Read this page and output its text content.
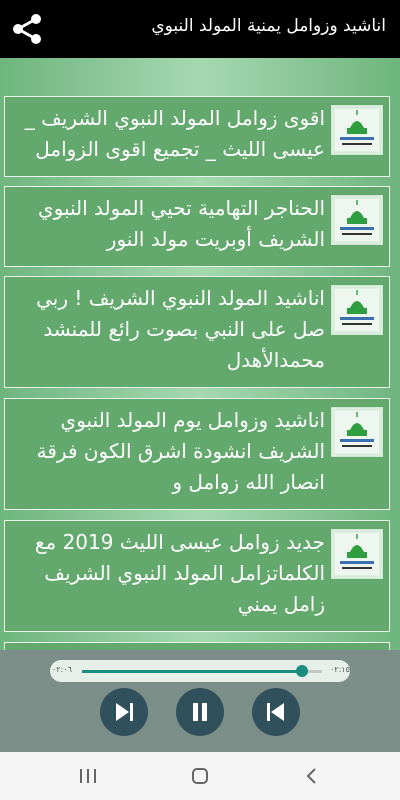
اناشيد وزوامل يمنية المولد النبوي
اقوى زوامل المولد النبوي الشريف _ عيسى الليث _ تجميع اقوى الزوامل
الحناجر التهامية تحيي المولد النبوي الشريف أوبريت مولد النور
اناشيد المولد النبوي الشريف ! ربي صل على النبي بصوت رائع للمنشد محمدالأهدل
اناشيد وزوامل يوم المولد النبوي الشريف انشودة اشرق الكون فرقة انصار الله زوامل و
جديد زوامل عيسى الليث 2019 مع الكلماتزامل المولد النبوي الشريف زامل يمني
٠٢:٠٦	٠٢:١٥
